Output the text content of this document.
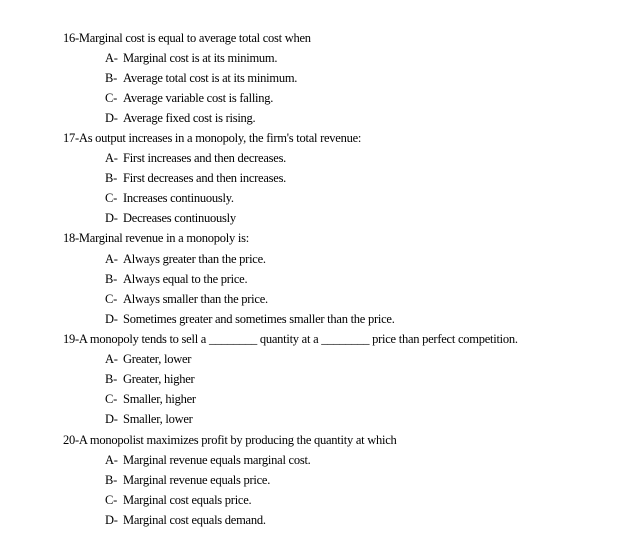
16-Marginal cost is equal to average total cost when
A- Marginal cost is at its minimum.
B- Average total cost is at its minimum.
C- Average variable cost is falling.
D- Average fixed cost is rising.
17-As output increases in a monopoly, the firm's total revenue:
A- First increases and then decreases.
B- First decreases and then increases.
C- Increases continuously.
D- Decreases continuously
18-Marginal revenue in a monopoly is:
A- Always greater than the price.
B- Always equal to the price.
C- Always smaller than the price.
D- Sometimes greater and sometimes smaller than the price.
19-A monopoly tends to sell a ________ quantity at a ________ price than perfect competition.
A- Greater, lower
B- Greater, higher
C- Smaller, higher
D- Smaller, lower
20-A monopolist maximizes profit by producing the quantity at which
A- Marginal revenue equals marginal cost.
B- Marginal revenue equals price.
C- Marginal cost equals price.
D- Marginal cost equals demand.
